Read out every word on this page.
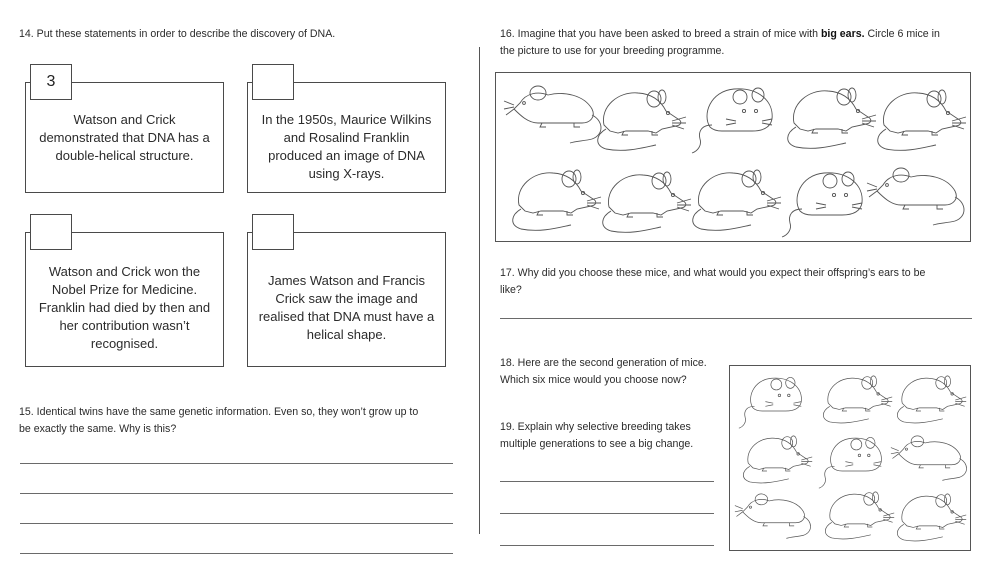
14. Put these statements in order to describe the discovery of DNA.
Watson and Crick
demonstrated that DNA has a
double-helical structure.
3
In the 1950s, Maurice Wilkins
and Rosalind Franklin
produced an image of DNA
using X-rays.
Watson and Crick won the
Nobel Prize for Medicine.
Franklin had died by then and
her contribution wasn’t
recognised.
James Watson and Francis
Crick saw the image and
realised that DNA must have a
helical shape.
15. Identical twins have the same genetic information. Even so, they won’t grow up to
be exactly the same. Why is this?
16. Imagine that you have been asked to breed a strain of mice with big ears. Circle 6 mice in
the picture to use for your breeding programme.
17. Why did you choose these mice, and what would you expect their offspring’s ears to be
like?
18. Here are the second generation of mice.
Which six mice would you choose now?
19. Explain why selective breeding takes
multiple generations to see a big change.
